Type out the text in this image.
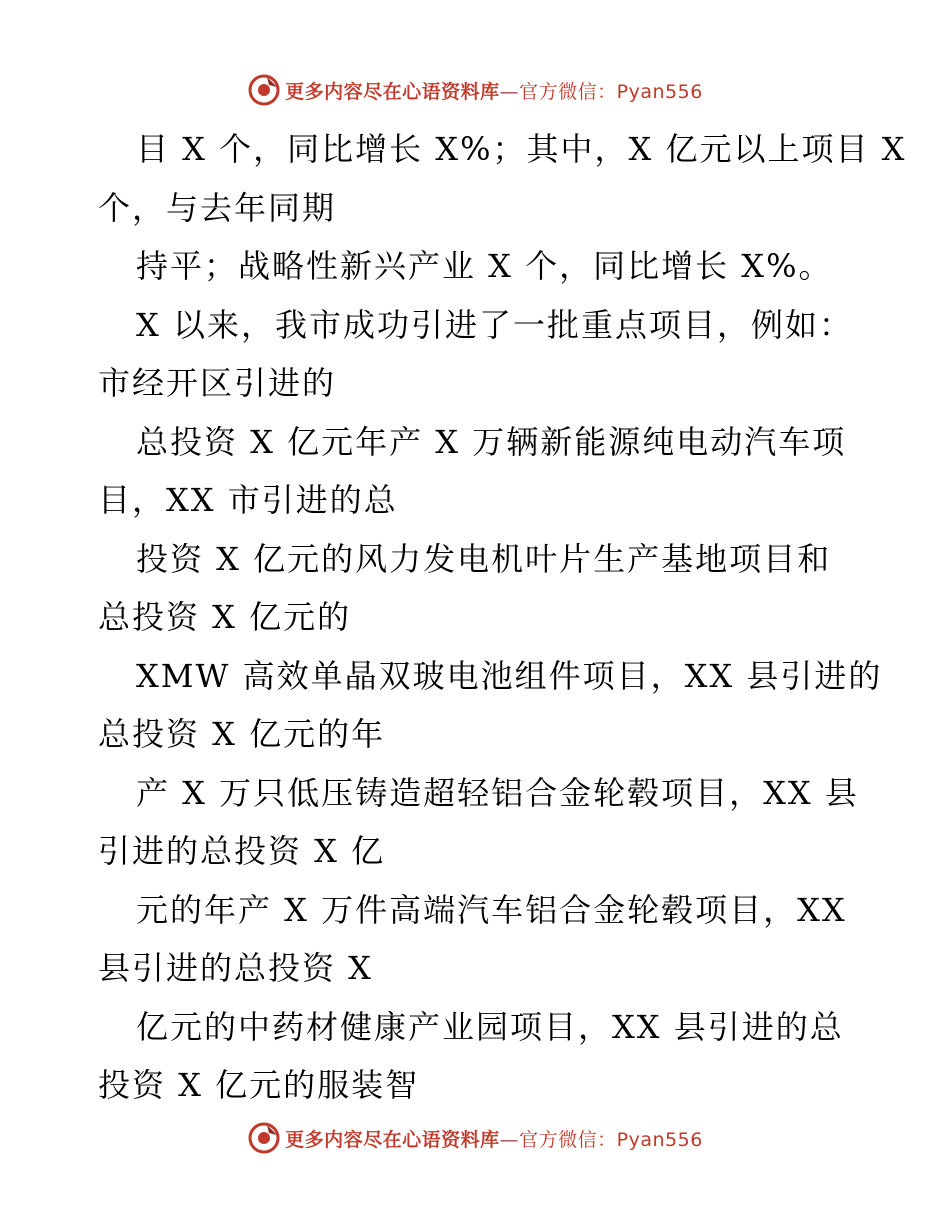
更多内容尽在心语资料库—官方微信：Pyan556
目 X 个，同比增长 X%；其中，X 亿元以上项目 X
个，与去年同期
持平；战略性新兴产业 X 个，同比增长 X%。
X 以来，我市成功引进了一批重点项目，例如：
市经开区引进的
总投资 X 亿元年产 X 万辆新能源纯电动汽车项
目，XX 市引进的总
投资 X 亿元的风力发电机叶片生产基地项目和
总投资 X 亿元的
XMW 高效单晶双玻电池组件项目，XX 县引进的
总投资 X 亿元的年
产 X 万只低压铸造超轻铝合金轮毂项目，XX 县
引进的总投资 X 亿
元的年产 X 万件高端汽车铝合金轮毂项目，XX
县引进的总投资 X
亿元的中药材健康产业园项目，XX 县引进的总
投资 X 亿元的服装智
更多内容尽在心语资料库—官方微信：Pyan556
